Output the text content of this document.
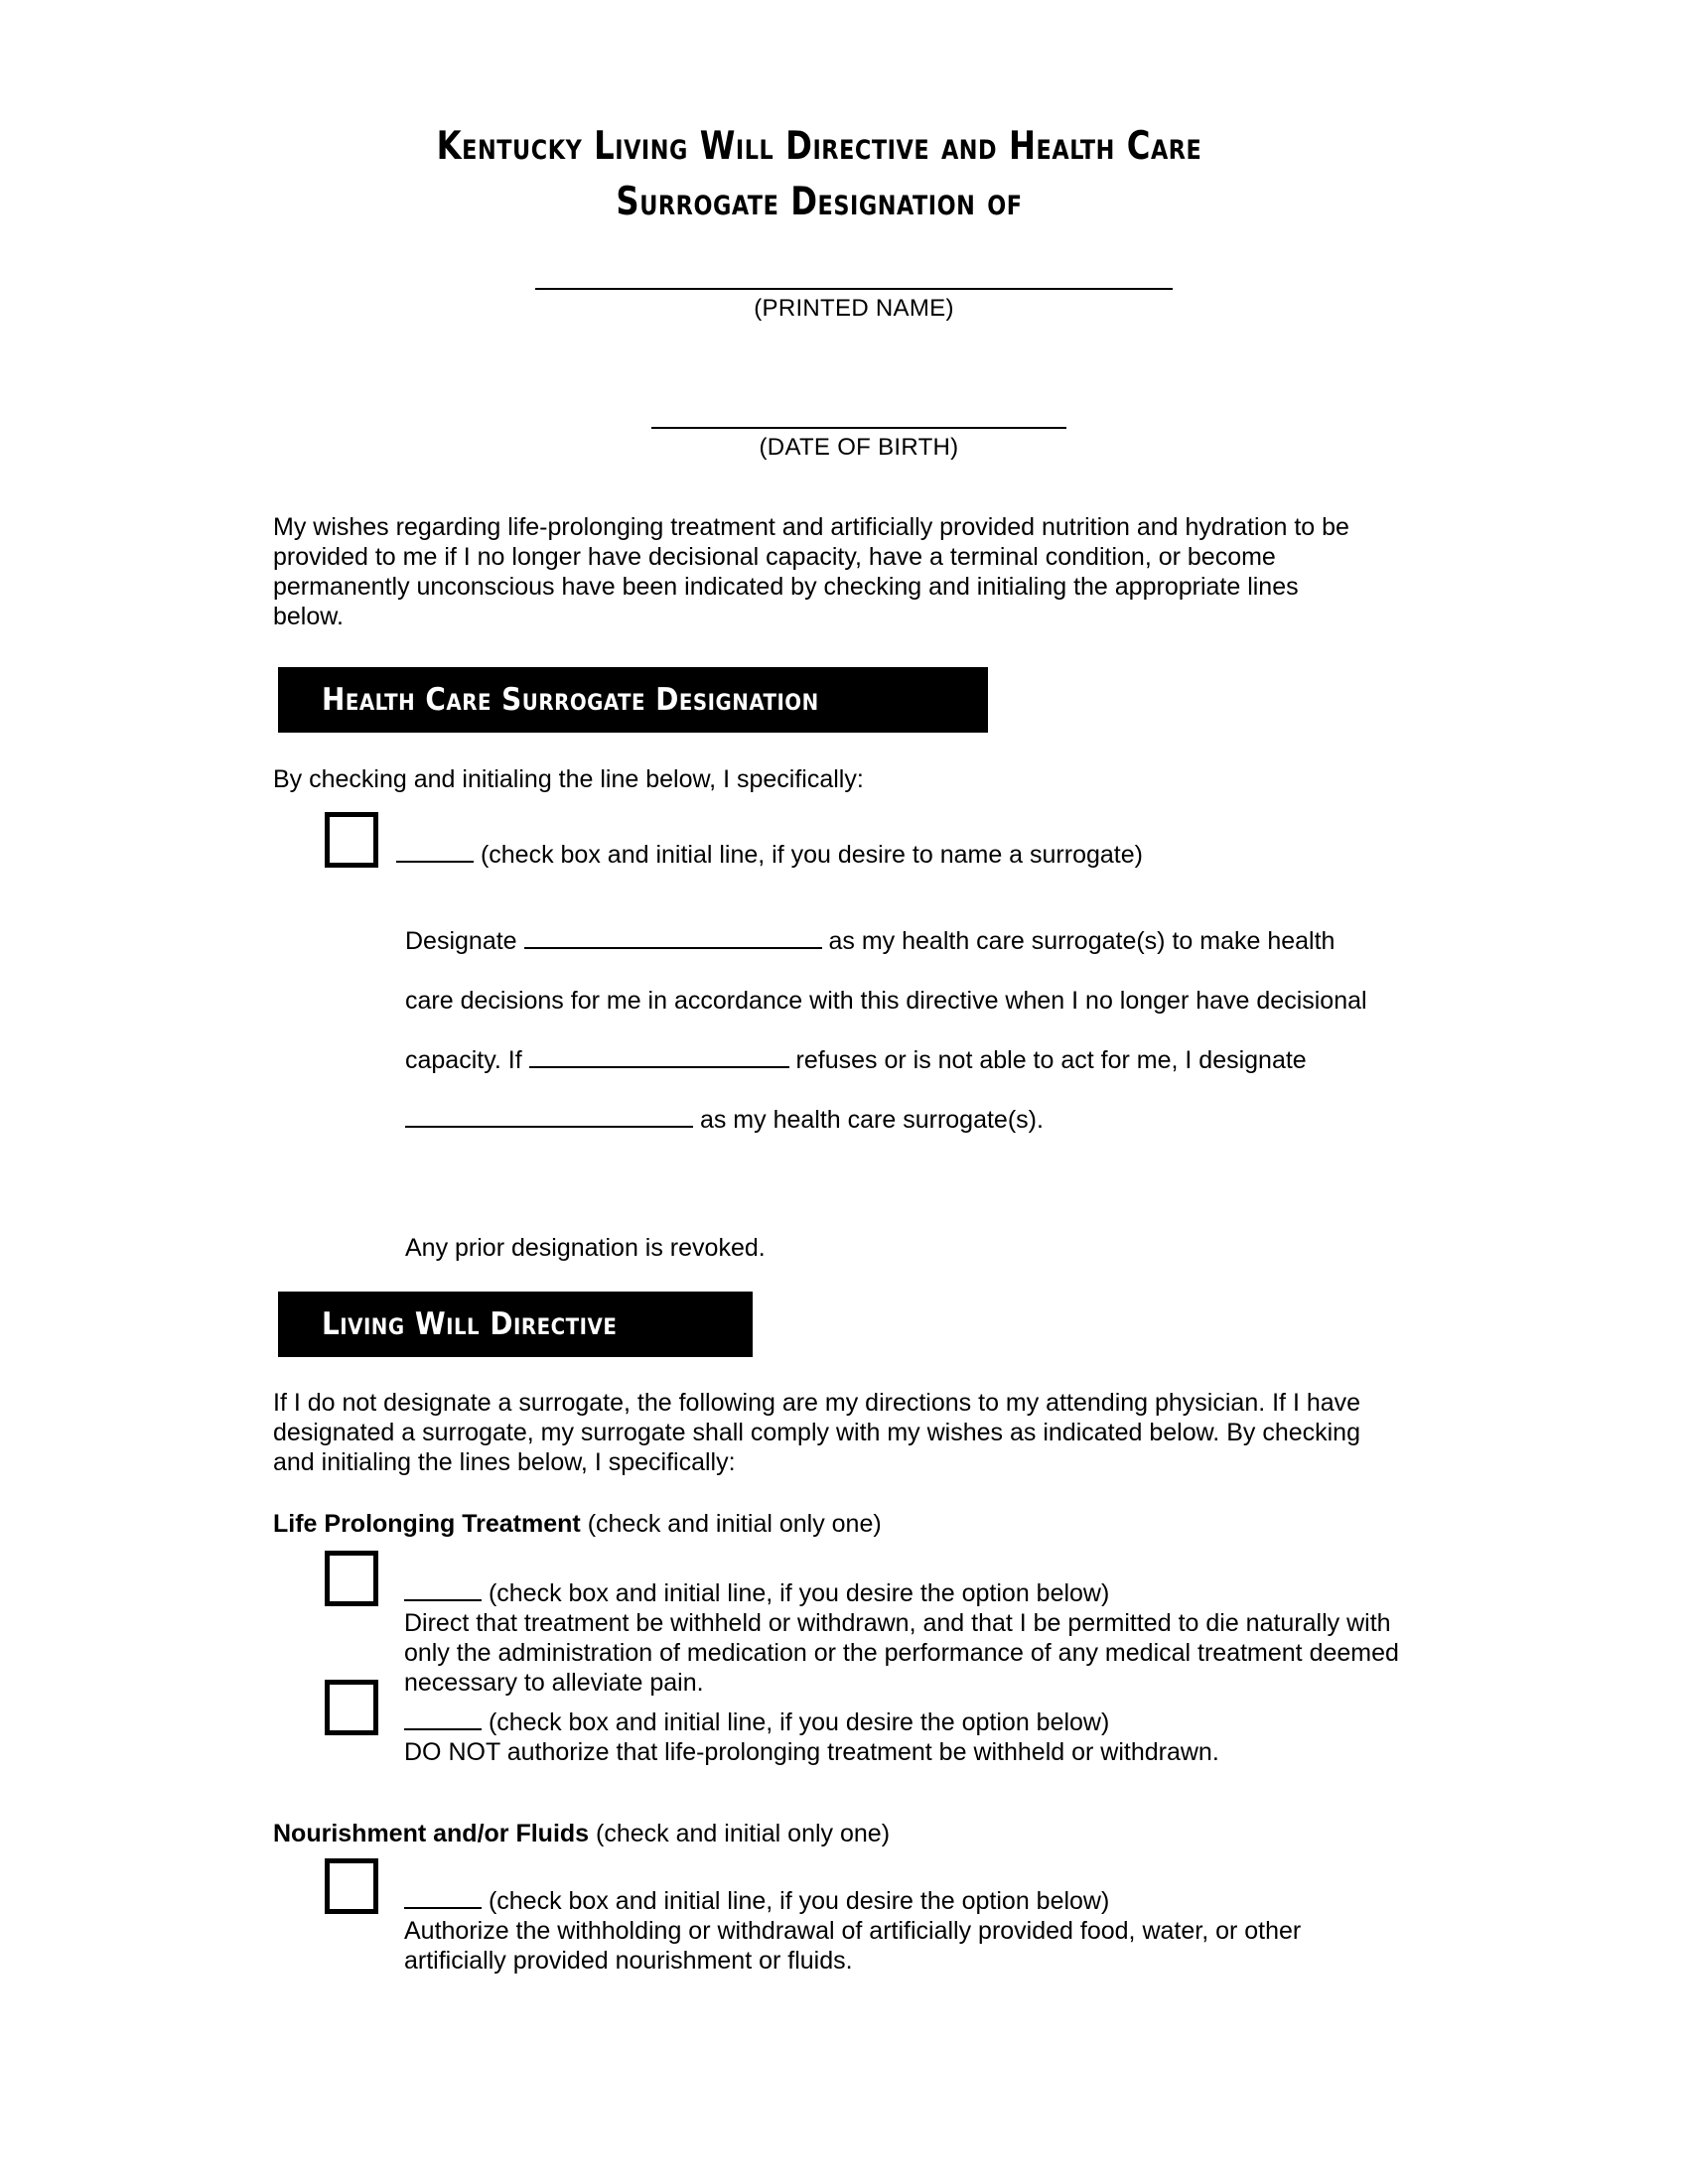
Kentucky Living Will Directive and Health Care
Surrogate Designation of
(PRINTED NAME)
(DATE OF BIRTH)
My wishes regarding life-prolonging treatment and artificially provided nutrition and hydration to be provided to me if I no longer have decisional capacity, have a terminal condition, or become permanently unconscious have been indicated by checking and initialing the appropriate lines below.
Health Care Surrogate Designation
By checking and initialing the line below, I specifically:
(check box and initial line, if you desire to name a surrogate)
Designate	as my health care surrogate(s) to make health care decisions for me in accordance with this directive when I no longer have decisional capacity. If	refuses or is not able to act for me, I designate  as my health care surrogate(s).
Any prior designation is revoked.
Living Will Directive
If I do not designate a surrogate, the following are my directions to my attending physician. If I have designated a surrogate, my surrogate shall comply with my wishes as indicated below. By checking and initialing the lines below, I specifically:
Life Prolonging Treatment (check and initial only one)
(check box and initial line, if you desire the option below)
Direct that treatment be withheld or withdrawn, and that I be permitted to die naturally with only the administration of medication or the performance of any medical treatment deemed necessary to alleviate pain.
(check box and initial line, if you desire the option below)
DO NOT authorize that life-prolonging treatment be withheld or withdrawn.
Nourishment and/or Fluids (check and initial only one)
(check box and initial line, if you desire the option below)
Authorize the withholding or withdrawal of artificially provided food, water, or other artificially provided nourishment or fluids.
